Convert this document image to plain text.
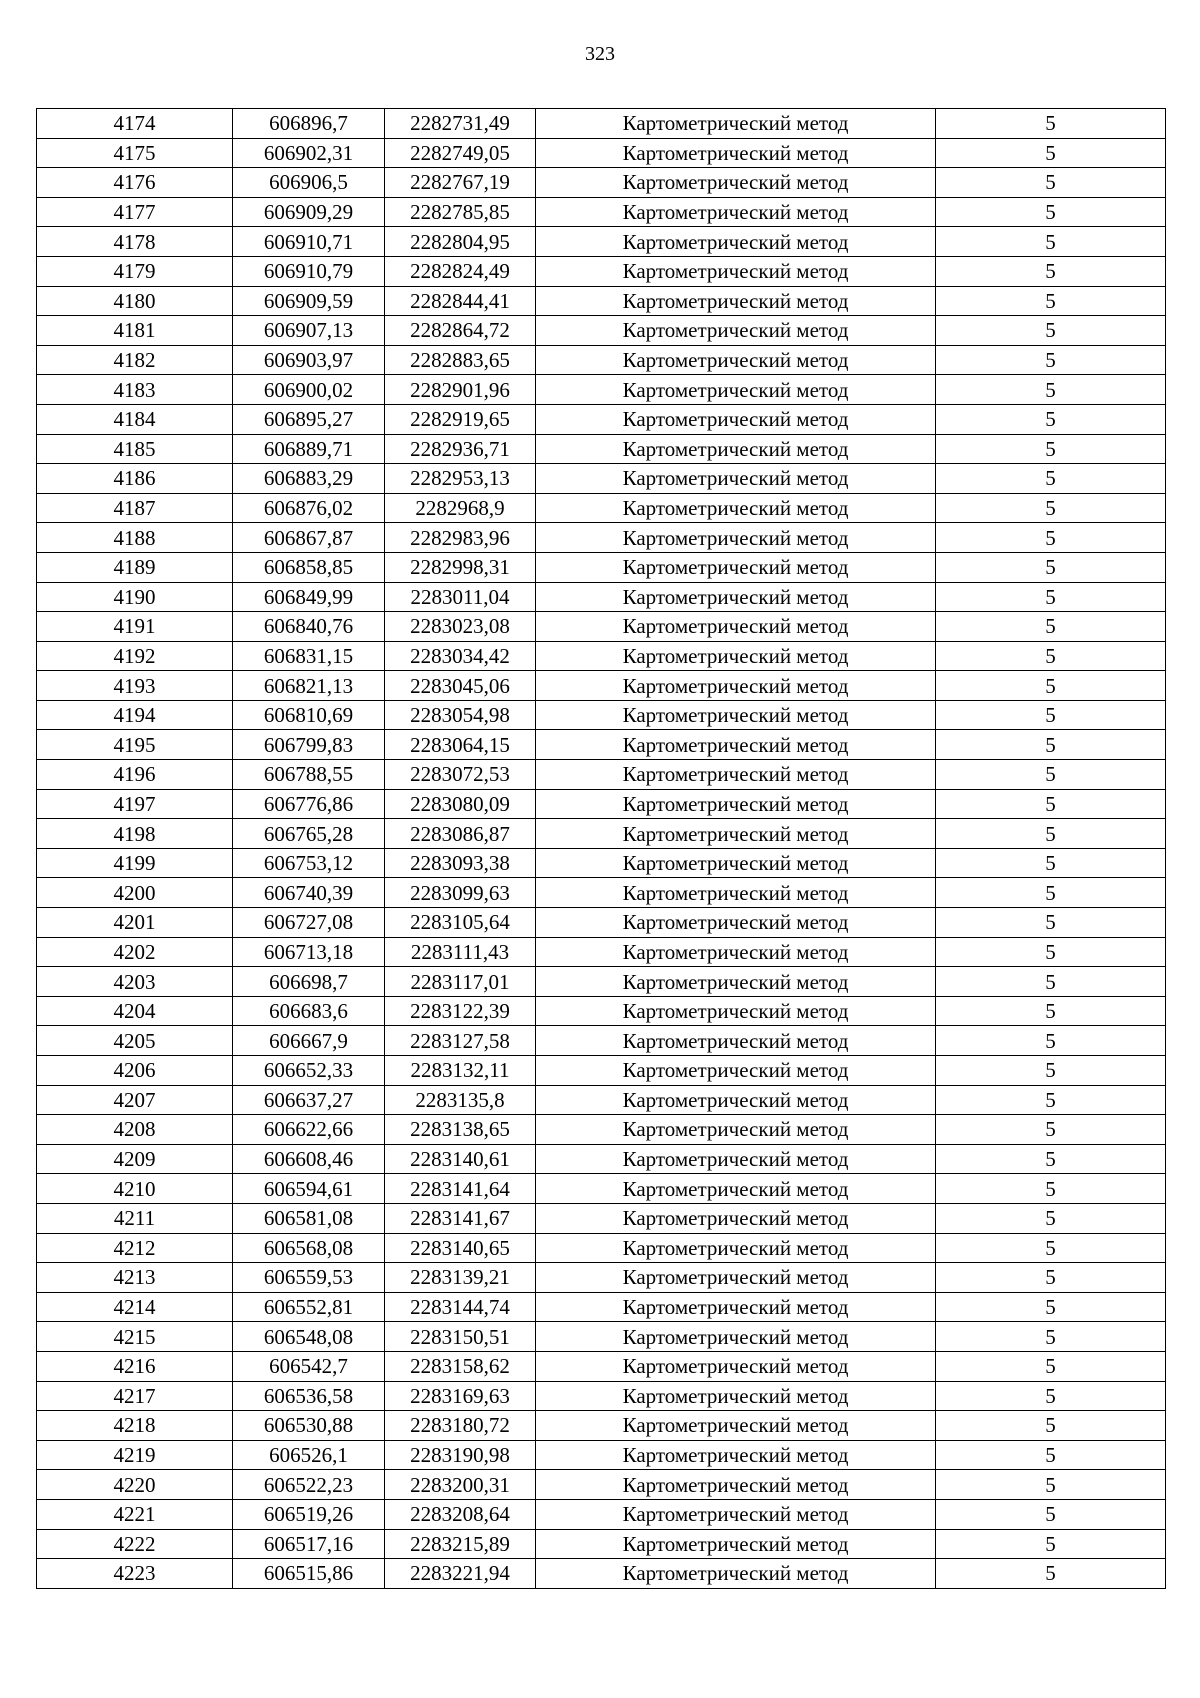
323
4174	606896,7	2282731,49	Картометрический метод	5
4175	606902,31	2282749,05	Картометрический метод	5
4176	606906,5	2282767,19	Картометрический метод	5
4177	606909,29	2282785,85	Картометрический метод	5
4178	606910,71	2282804,95	Картометрический метод	5
4179	606910,79	2282824,49	Картометрический метод	5
4180	606909,59	2282844,41	Картометрический метод	5
4181	606907,13	2282864,72	Картометрический метод	5
4182	606903,97	2282883,65	Картометрический метод	5
4183	606900,02	2282901,96	Картометрический метод	5
4184	606895,27	2282919,65	Картометрический метод	5
4185	606889,71	2282936,71	Картометрический метод	5
4186	606883,29	2282953,13	Картометрический метод	5
4187	606876,02	2282968,9	Картометрический метод	5
4188	606867,87	2282983,96	Картометрический метод	5
4189	606858,85	2282998,31	Картометрический метод	5
4190	606849,99	2283011,04	Картометрический метод	5
4191	606840,76	2283023,08	Картометрический метод	5
4192	606831,15	2283034,42	Картометрический метод	5
4193	606821,13	2283045,06	Картометрический метод	5
4194	606810,69	2283054,98	Картометрический метод	5
4195	606799,83	2283064,15	Картометрический метод	5
4196	606788,55	2283072,53	Картометрический метод	5
4197	606776,86	2283080,09	Картометрический метод	5
4198	606765,28	2283086,87	Картометрический метод	5
4199	606753,12	2283093,38	Картометрический метод	5
4200	606740,39	2283099,63	Картометрический метод	5
4201	606727,08	2283105,64	Картометрический метод	5
4202	606713,18	2283111,43	Картометрический метод	5
4203	606698,7	2283117,01	Картометрический метод	5
4204	606683,6	2283122,39	Картометрический метод	5
4205	606667,9	2283127,58	Картометрический метод	5
4206	606652,33	2283132,11	Картометрический метод	5
4207	606637,27	2283135,8	Картометрический метод	5
4208	606622,66	2283138,65	Картометрический метод	5
4209	606608,46	2283140,61	Картометрический метод	5
4210	606594,61	2283141,64	Картометрический метод	5
4211	606581,08	2283141,67	Картометрический метод	5
4212	606568,08	2283140,65	Картометрический метод	5
4213	606559,53	2283139,21	Картометрический метод	5
4214	606552,81	2283144,74	Картометрический метод	5
4215	606548,08	2283150,51	Картометрический метод	5
4216	606542,7	2283158,62	Картометрический метод	5
4217	606536,58	2283169,63	Картометрический метод	5
4218	606530,88	2283180,72	Картометрический метод	5
4219	606526,1	2283190,98	Картометрический метод	5
4220	606522,23	2283200,31	Картометрический метод	5
4221	606519,26	2283208,64	Картометрический метод	5
4222	606517,16	2283215,89	Картометрический метод	5
4223	606515,86	2283221,94	Картометрический метод	5
